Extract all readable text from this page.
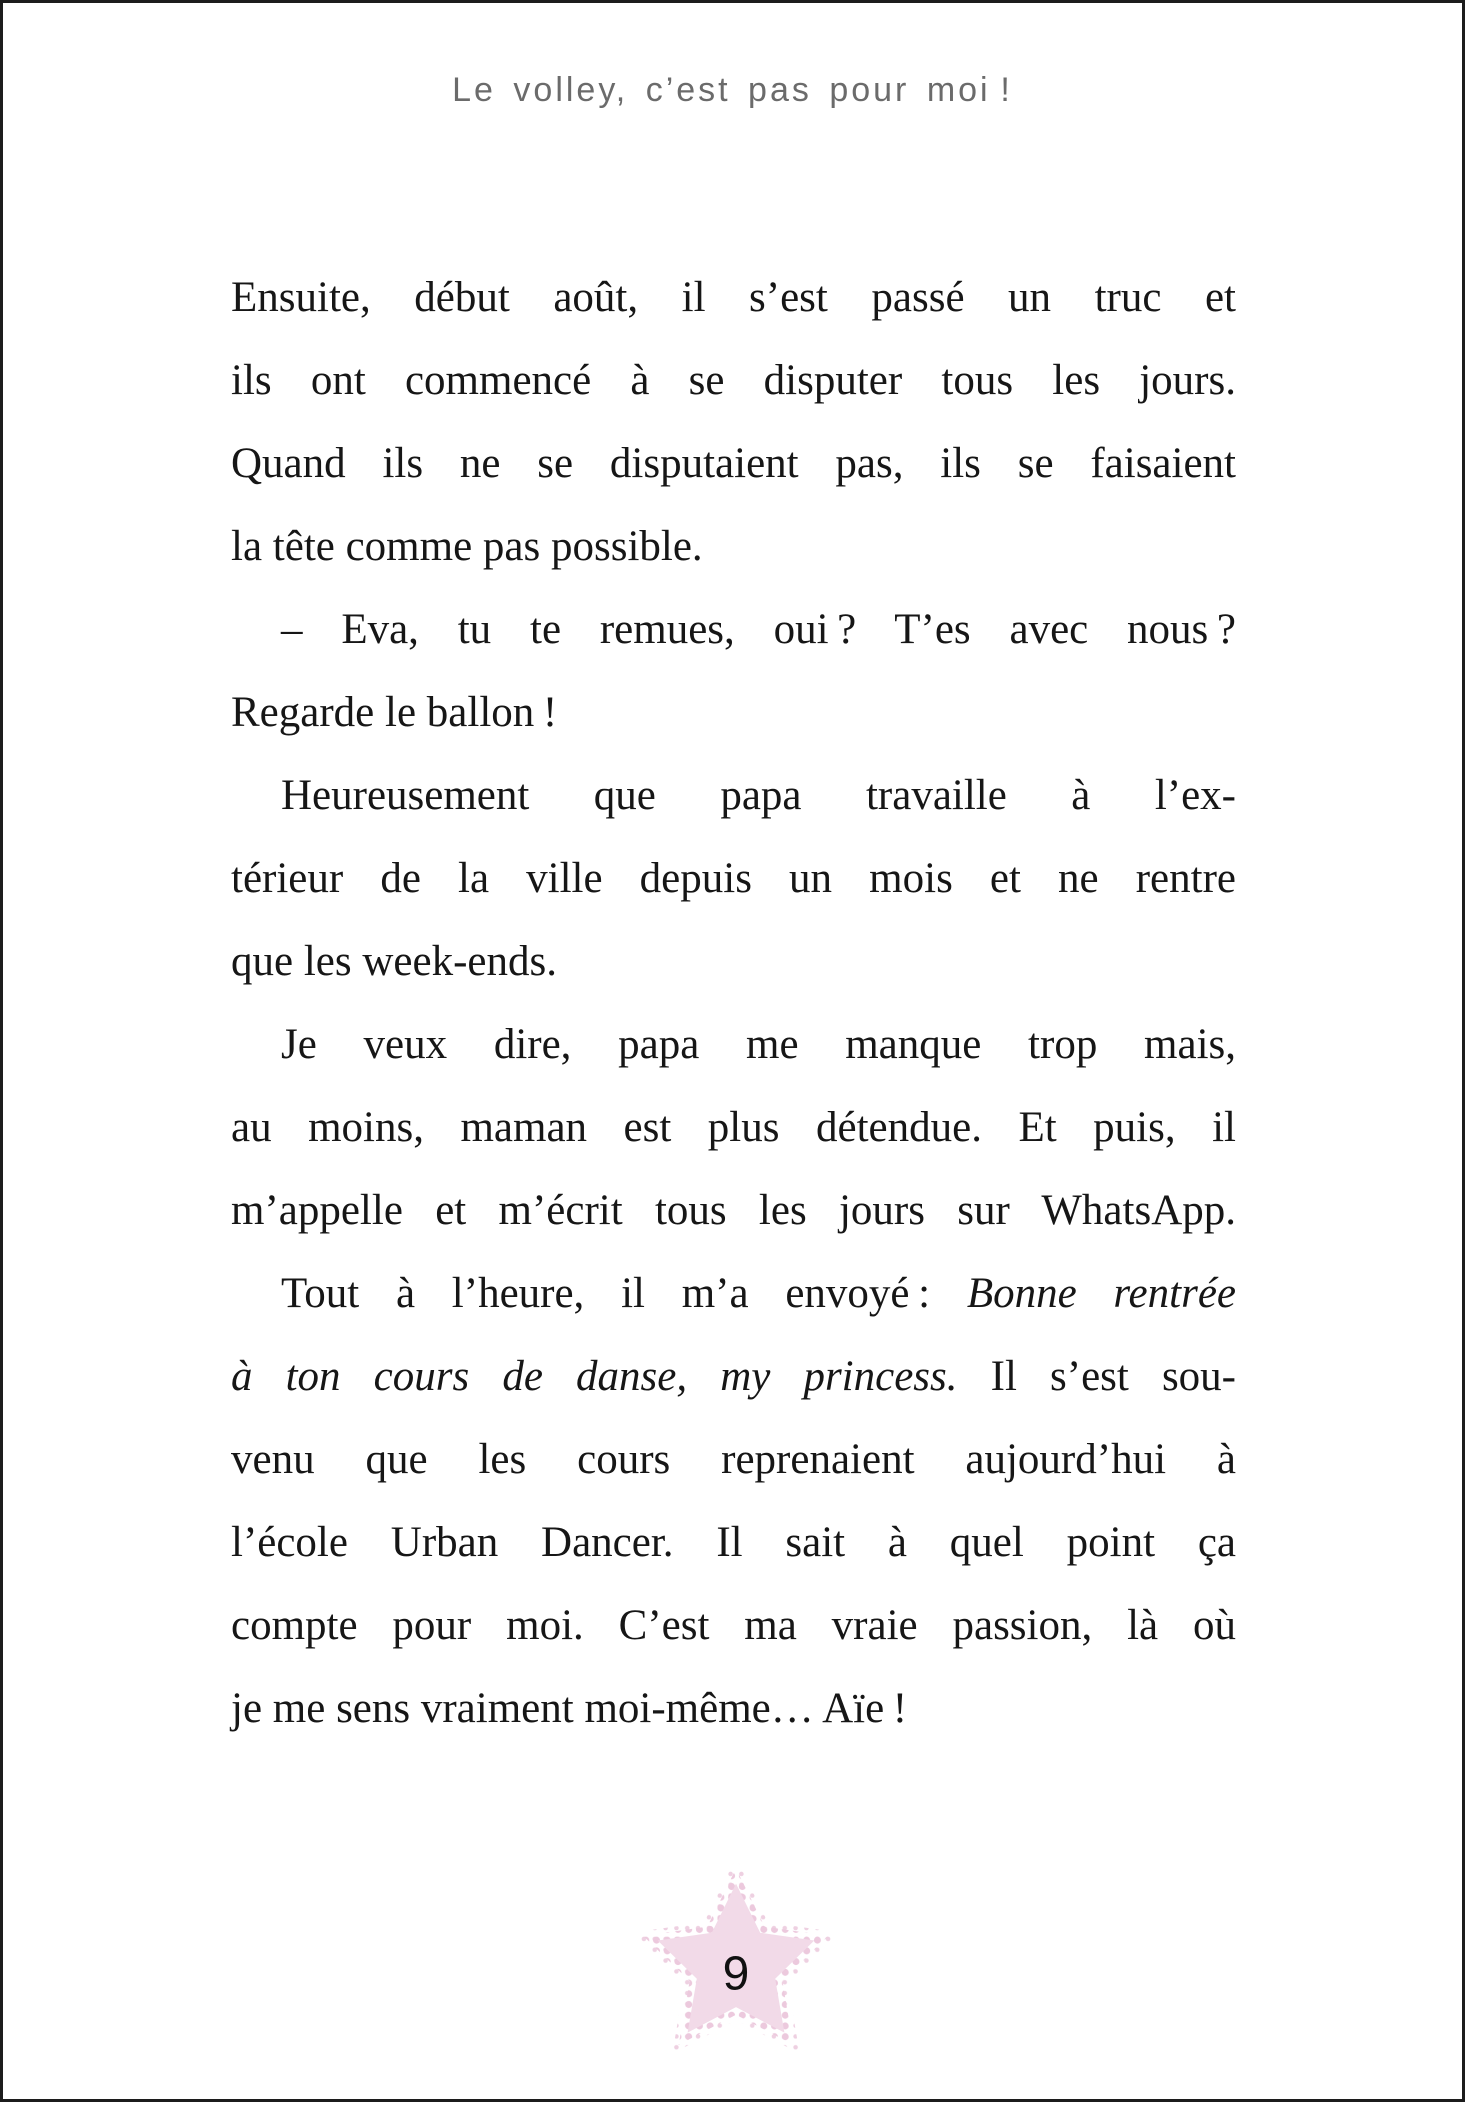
Le volley, c’est pas pour moi !
Ensuite, début août, il s’est passé un truc et
ils ont commencé à se disputer tous les jours.
Quand ils ne se disputaient pas, ils se faisaient
la tête comme pas possible.
– Eva, tu te remues, oui ? T’es avec nous ?
Regarde le ballon !
Heureusement que papa travaille à l’ex-
térieur de la ville depuis un mois et ne rentre
que les week-ends.
Je veux dire, papa me manque trop mais,
au moins, maman est plus détendue. Et puis, il
m’appelle et m’écrit tous les jours sur WhatsApp.
Tout à l’heure, il m’a envoyé : Bonne rentrée
à ton cours de danse, my princess. Il s’est sou-
venu que les cours reprenaient aujourd’hui à
l’école Urban Dancer. Il sait à quel point ça
compte pour moi. C’est ma vraie passion, là où
je me sens vraiment moi-même… Aïe !
9
